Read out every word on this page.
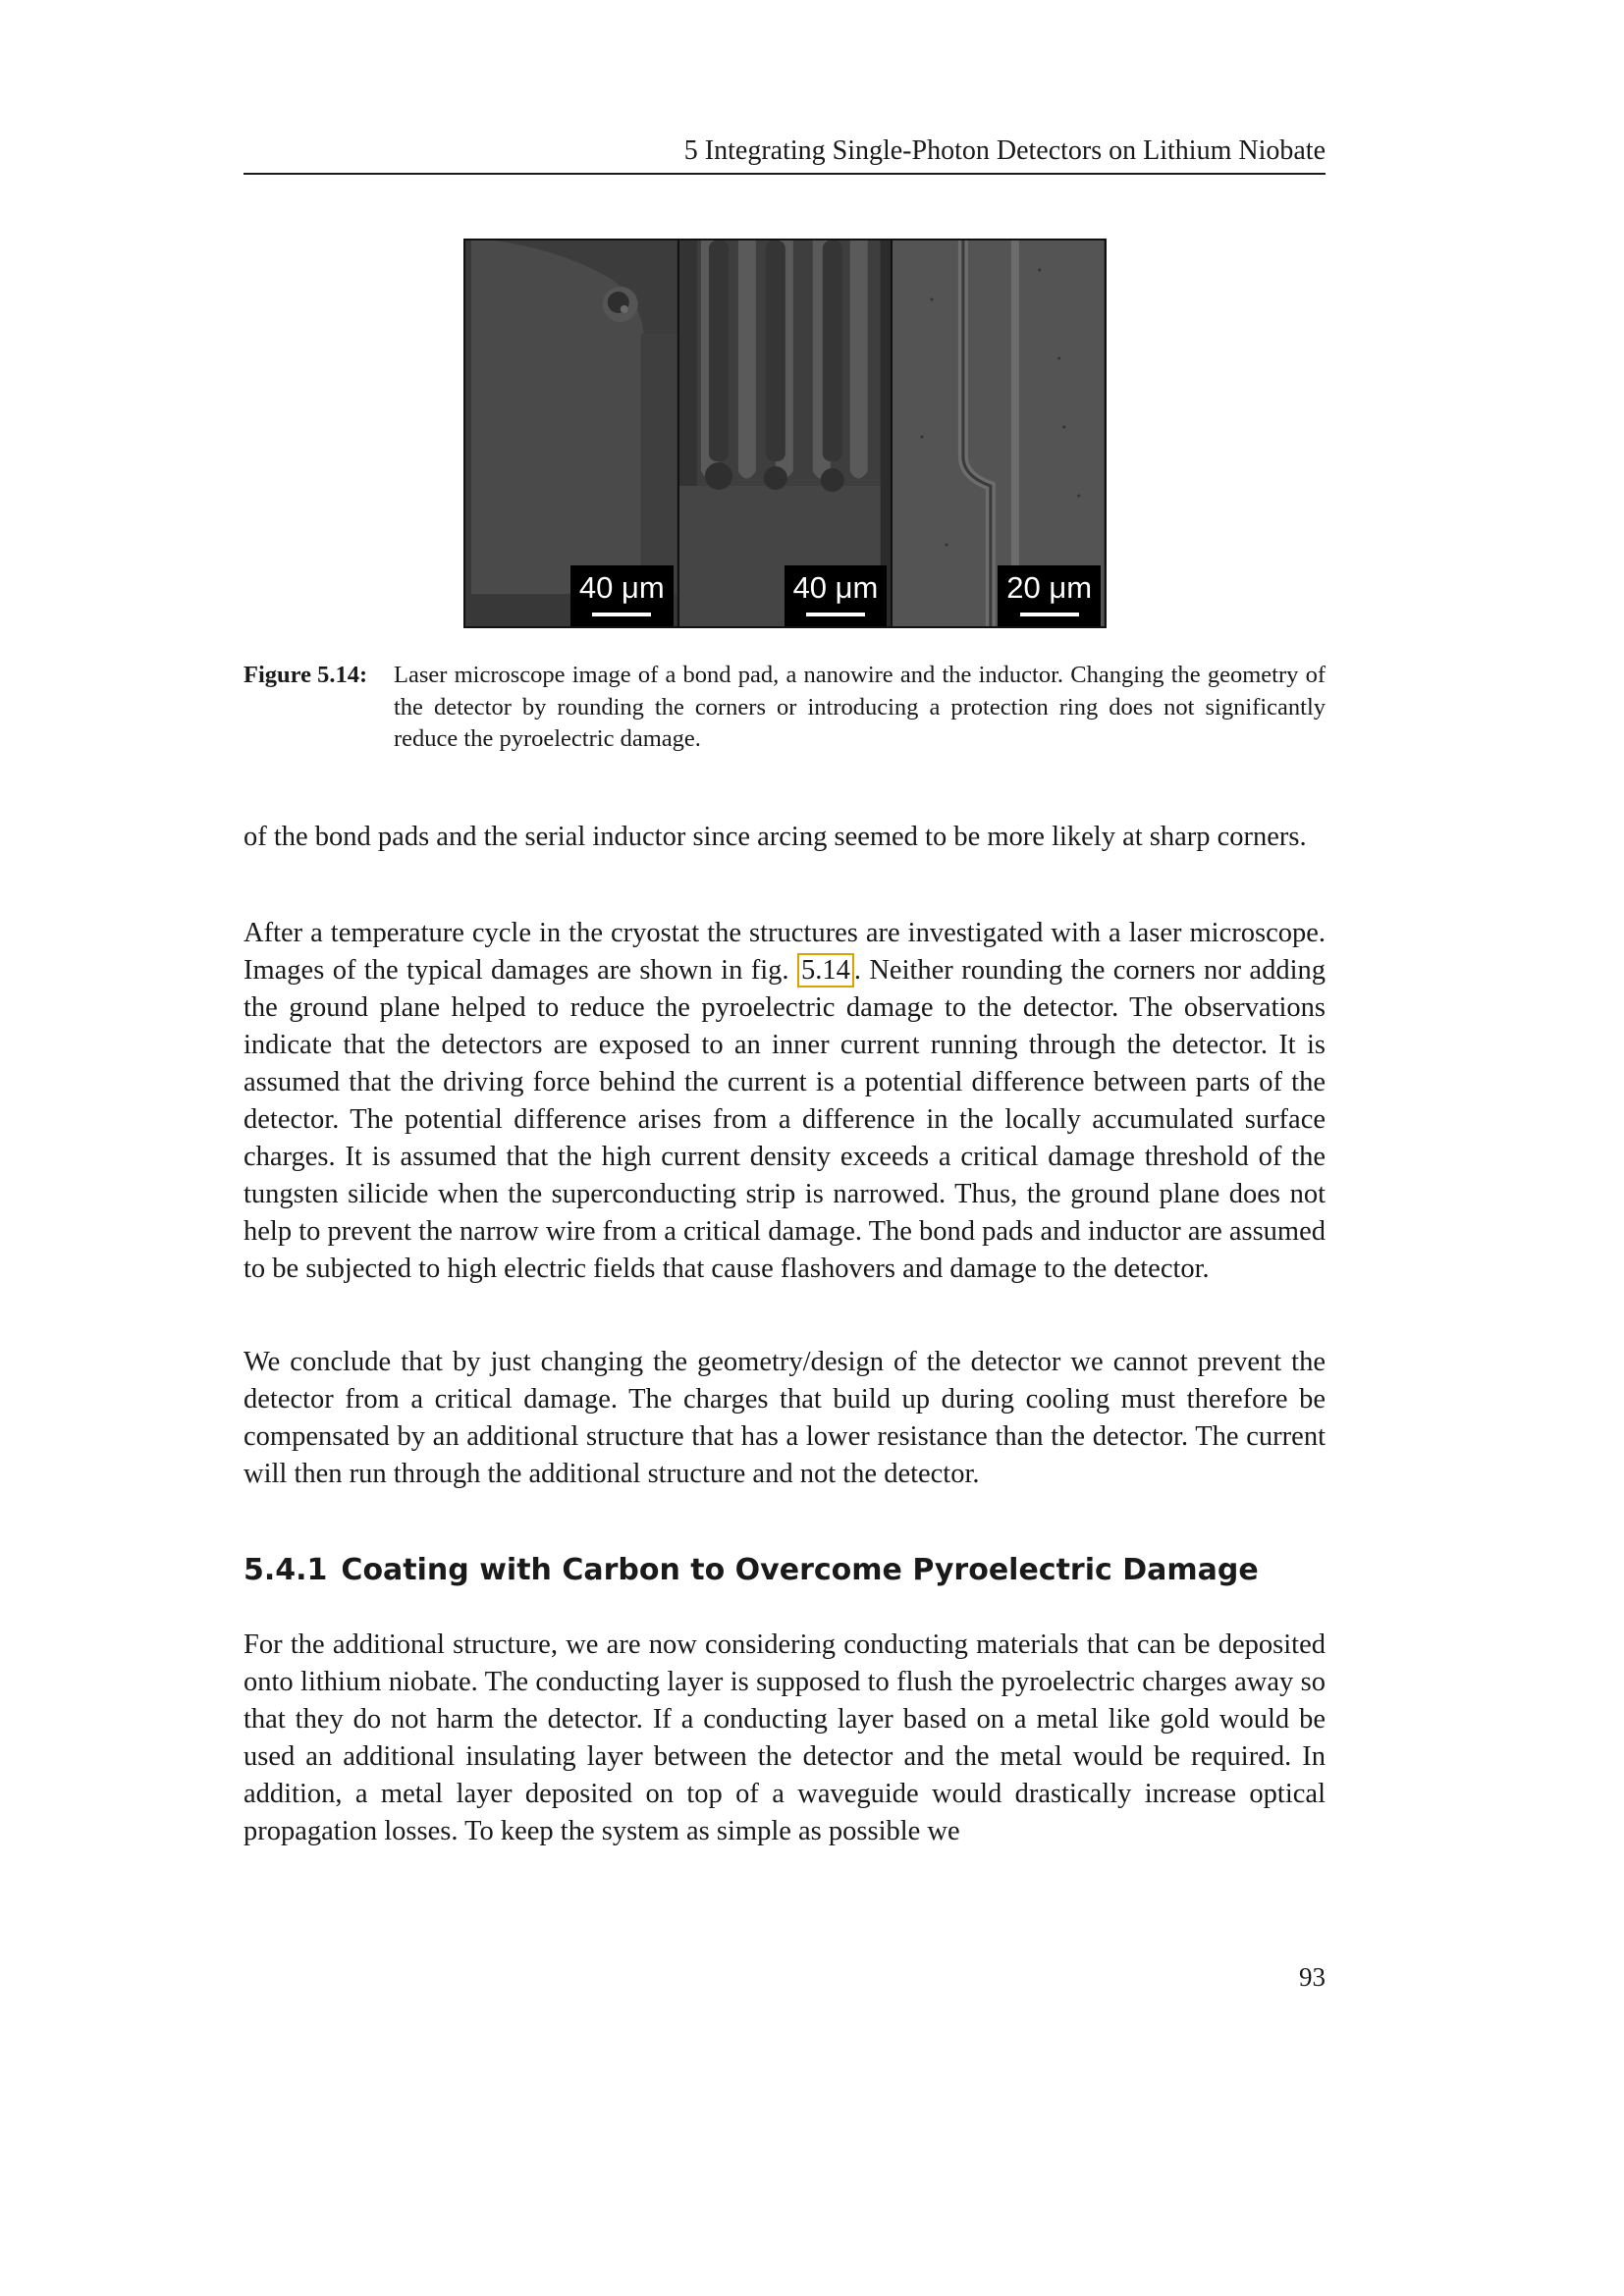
5 Integrating Single-Photon Detectors on Lithium Niobate
40 μm	40 μm	20 μm
Figure 5.14: Laser microscope image of a bond pad, a nanowire and the inductor. Changing the geometry of the detector by rounding the corners or introducing a protection ring does not significantly reduce the pyroelectric damage.

of the bond pads and the serial inductor since arcing seemed to be more likely at sharp corners.

After a temperature cycle in the cryostat the structures are investigated with a laser microscope. Images of the typical damages are shown in fig. 5.14 . Neither rounding the corners nor adding the ground plane helped to reduce the pyroelectric damage to the detector. The observations indicate that the detectors are exposed to an inner current running through the detector. It is assumed that the driving force behind the current is a potential difference between parts of the detector. The potential difference arises from a difference in the locally accumulated surface charges. It is assumed that the high current density exceeds a critical damage threshold of the tungsten silicide when the superconducting strip is narrowed. Thus, the ground plane does not help to prevent the narrow wire from a critical damage. The bond pads and inductor are assumed to be subjected to high electric fields that cause flashovers and damage to the detector.

We conclude that by just changing the geometry/design of the detector we cannot prevent the detector from a critical damage. The charges that build up during cooling must therefore be compensated by an additional structure that has a lower resistance than the detector. The current will then run through the additional structure and not the detector.

5.4.1 Coating with Carbon to Overcome Pyroelectric Damage

For the additional structure, we are now considering conducting materials that can be deposited onto lithium niobate. The conducting layer is supposed to flush the pyroelectric charges away so that they do not harm the detector. If a conducting layer based on a metal like gold would be used an additional insulating layer between the detector and the metal would be required. In addition, a metal layer deposited on top of a waveguide would drastically increase optical propagation losses. To keep the system as simple as possible we

93
